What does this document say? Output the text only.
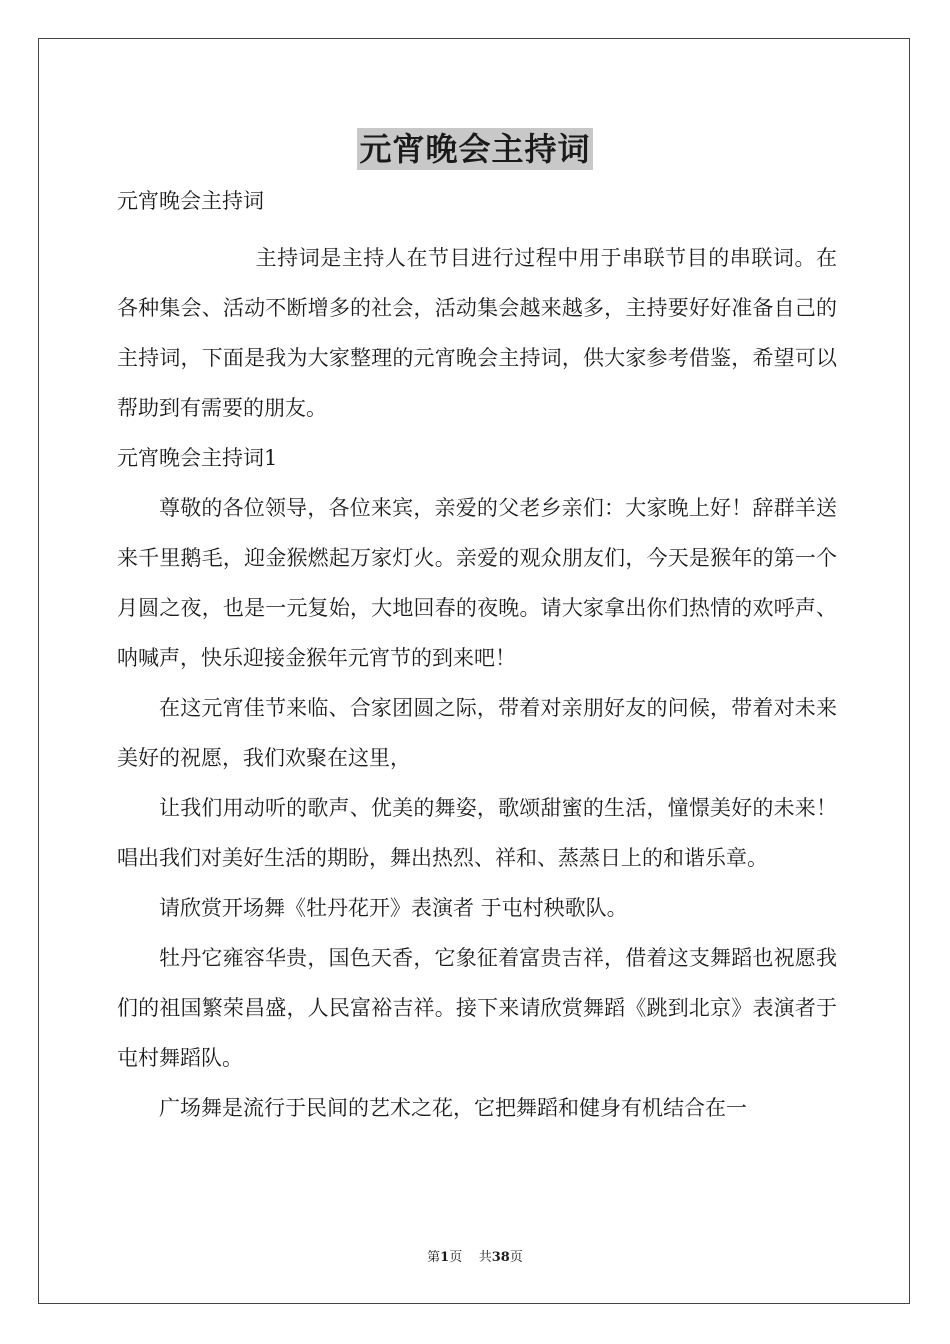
元宵晚会主持词

元宵晚会主持词

主持词是主持人在节目进行过程中用于串联节目的串联词。在各种集会、活动不断增多的社会，活动集会越来越多，主持要好好准备自己的主持词，下面是我为大家整理的元宵晚会主持词，供大家参考借鉴，希望可以帮助到有需要的朋友。

元宵晚会主持词1

尊敬的各位领导，各位来宾，亲爱的父老乡亲们：大家晚上好！辞群羊送来千里鹅毛，迎金猴燃起万家灯火。亲爱的观众朋友们，今天是猴年的第一个月圆之夜，也是一元复始，大地回春的夜晚。请大家拿出你们热情的欢呼声、呐喊声，快乐迎接金猴年元宵节的到来吧！

在这元宵佳节来临、合家团圆之际，带着对亲朋好友的问候，带着对未来美好的祝愿，我们欢聚在这里，

让我们用动听的歌声、优美的舞姿，歌颂甜蜜的生活，憧憬美好的未来！唱出我们对美好生活的期盼，舞出热烈、祥和、蒸蒸日上的和谐乐章。

请欣赏开场舞《牡丹花开》表演者 于屯村秧歌队。

牡丹它雍容华贵，国色天香，它象征着富贵吉祥，借着这支舞蹈也祝愿我们的祖国繁荣昌盛，人民富裕吉祥。接下来请欣赏舞蹈《跳到北京》表演者于屯村舞蹈队。

广场舞是流行于民间的艺术之花，它把舞蹈和健身有机结合在一

第1页 共38页
